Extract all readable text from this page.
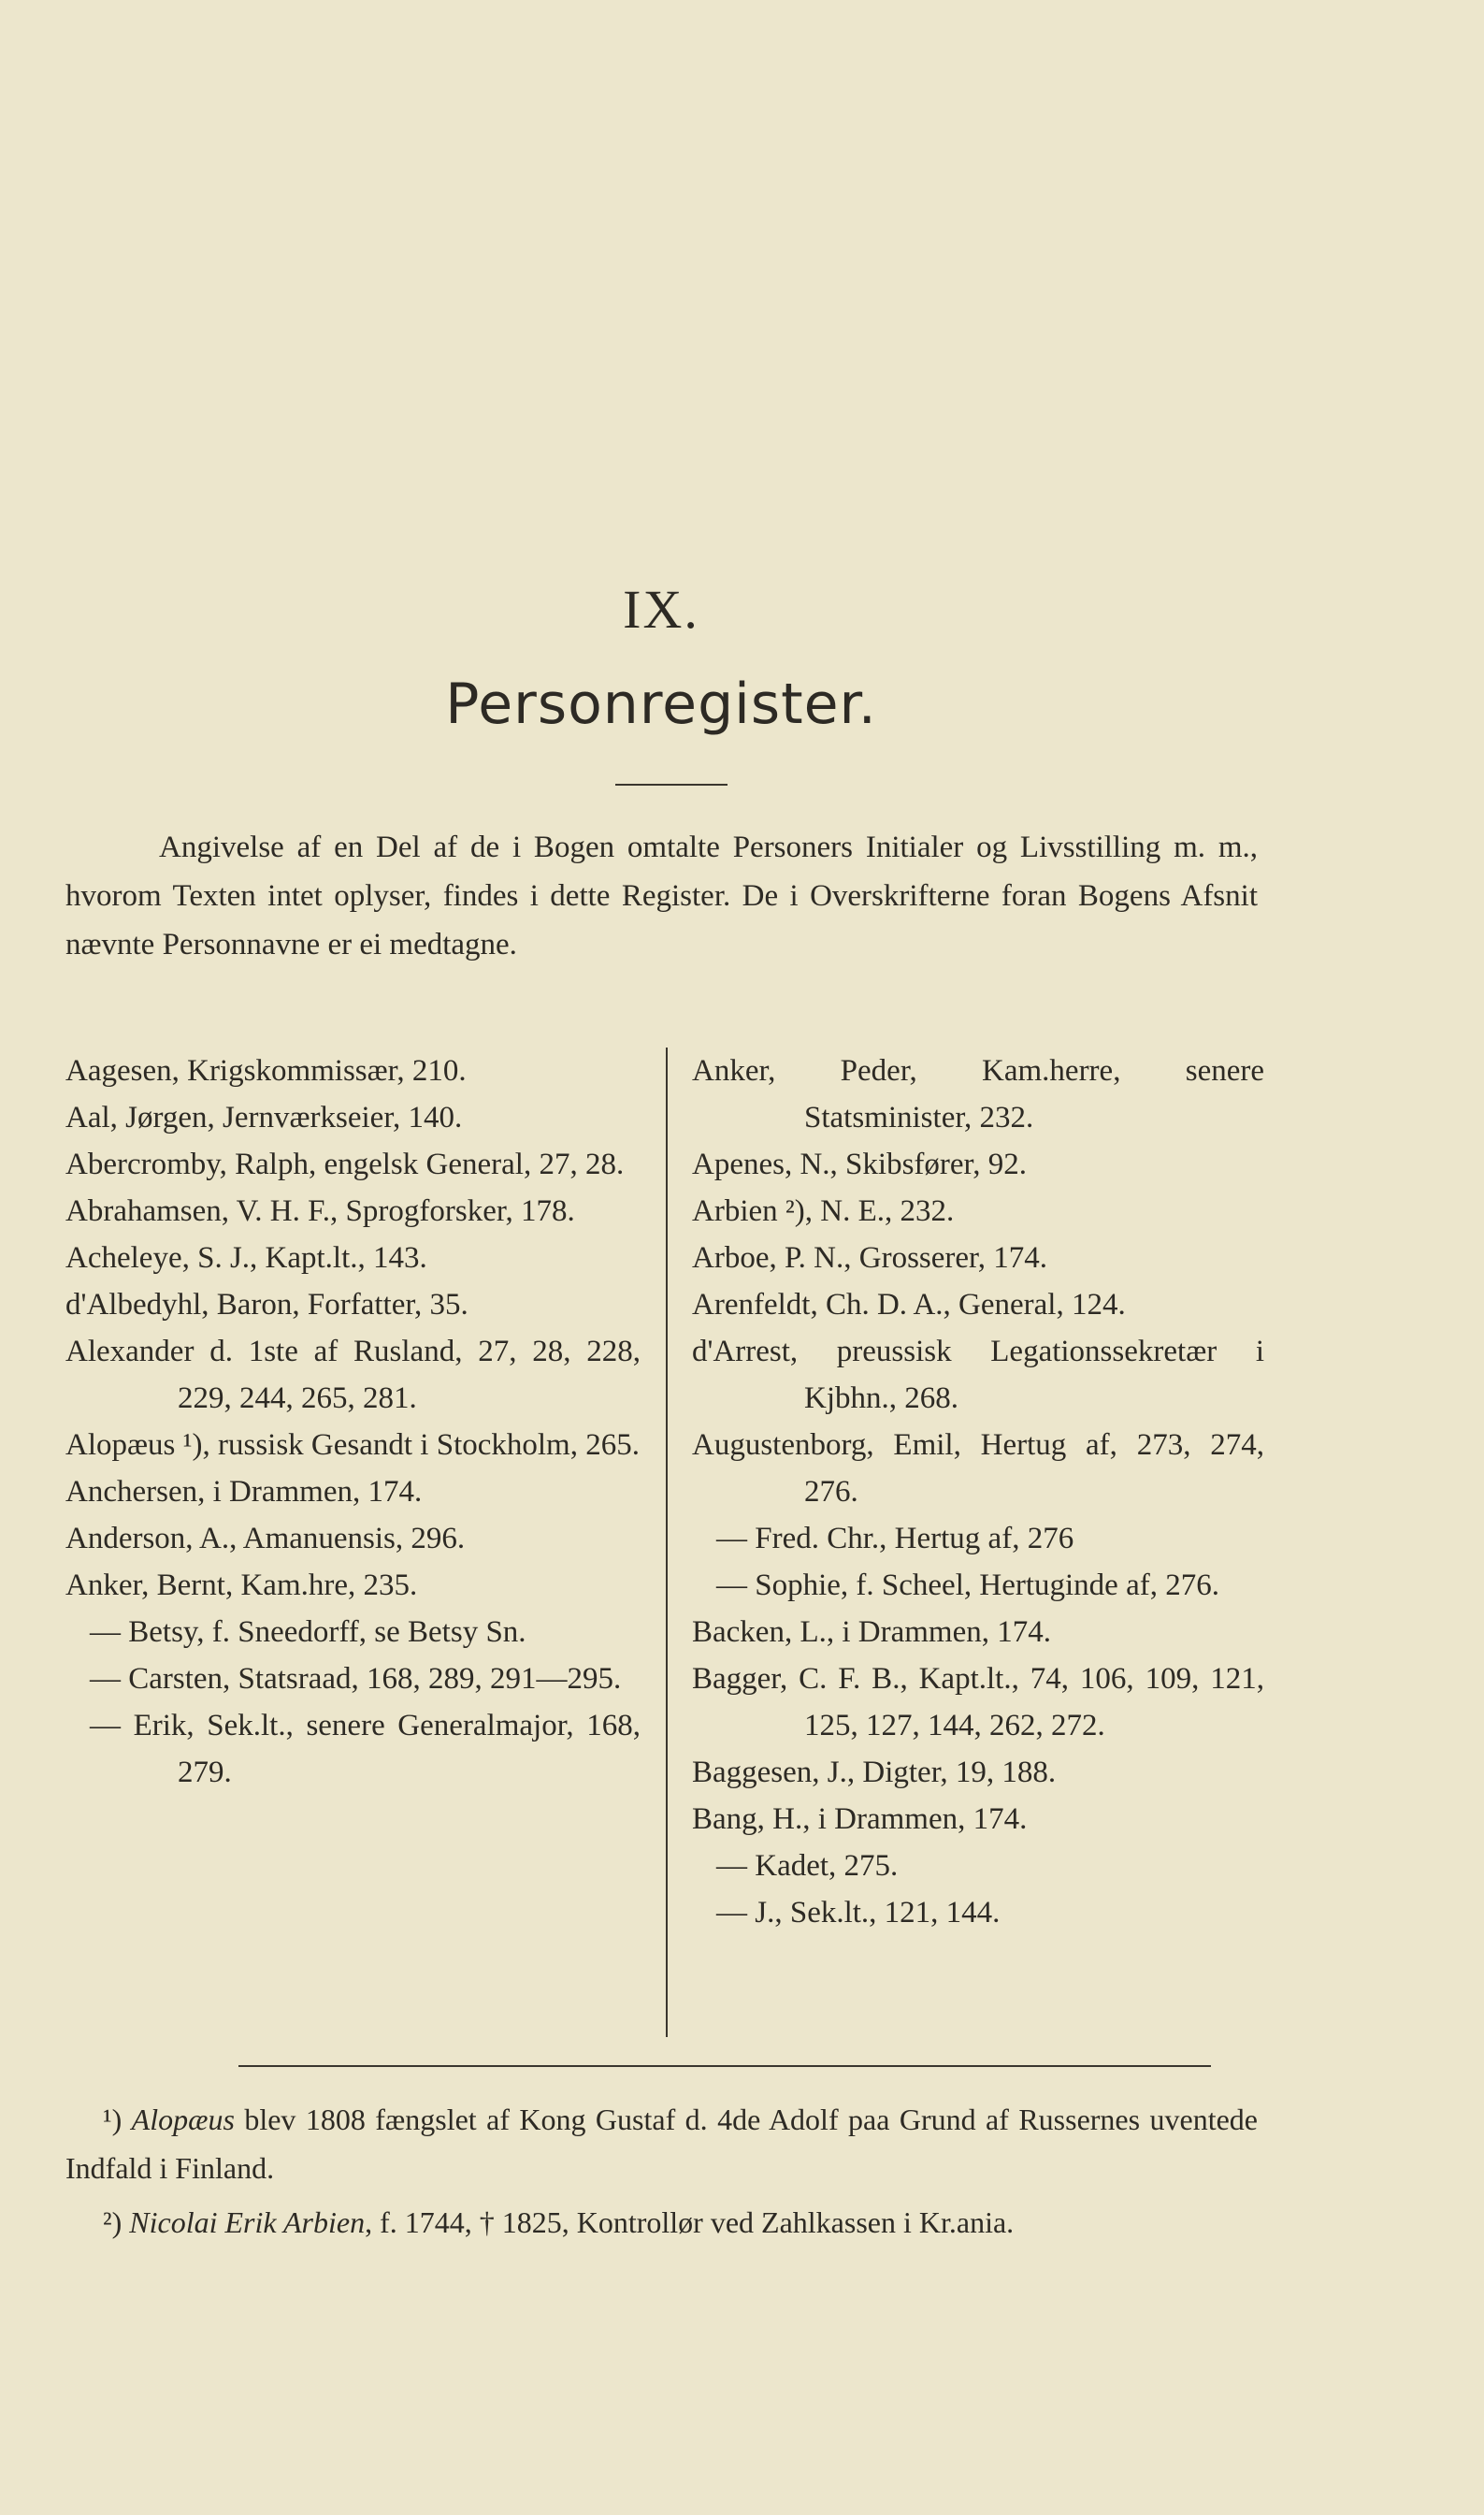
IX.
Personregister.

Angivelse af en Del af de i Bogen omtalte Personers Initialer og Livsstilling m. m., hvorom Texten intet oplyser, findes i dette Register. De i Overskrifterne foran Bogens Afsnit nævnte Personnavne er ei medtagne.

Aagesen, Krigskommissær, 210.

Aal, Jørgen, Jernværkseier, 140.

Abercromby, Ralph, engelsk General, 27, 28.

Abrahamsen, V. H. F., Sprogforsker, 178.

Acheleye, S. J., Kapt.lt., 143.

d'Albedyhl, Baron, Forfatter, 35.

Alexander d. 1ste af Rusland, 27, 28, 228, 229, 244, 265, 281.

Alopæus ¹), russisk Gesandt i Stockholm, 265.

Anchersen, i Drammen, 174.

Anderson, A., Amanuensis, 296.

Anker, Bernt, Kam.hre, 235.

— Betsy, f. Sneedorff, se Betsy Sn.

— Carsten, Statsraad, 168, 289, 291—295.

— Erik, Sek.lt., senere Generalmajor, 168, 279.

Anker, Peder, Kam.herre, senere Statsminister, 232.

Apenes, N., Skibsfører, 92.

Arbien ²), N. E., 232.

Arboe, P. N., Grosserer, 174.

Arenfeldt, Ch. D. A., General, 124.

d'Arrest, preussisk Legationssekretær i Kjbhn., 268.

Augustenborg, Emil, Hertug af, 273, 274, 276.

— Fred. Chr., Hertug af, 276

— Sophie, f. Scheel, Hertuginde af, 276.

Backen, L., i Drammen, 174.

Bagger, C. F. B., Kapt.lt., 74, 106, 109, 121, 125, 127, 144, 262, 272.

Baggesen, J., Digter, 19, 188.

Bang, H., i Drammen, 174.

— Kadet, 275.

— J., Sek.lt., 121, 144.

¹) Alopæus blev 1808 fængslet af Kong Gustaf d. 4de Adolf paa Grund af Russernes uventede Indfald i Finland.

²) Nicolai Erik Arbien, f. 1744, † 1825, Kontrollør ved Zahlkassen i Kr.ania.
